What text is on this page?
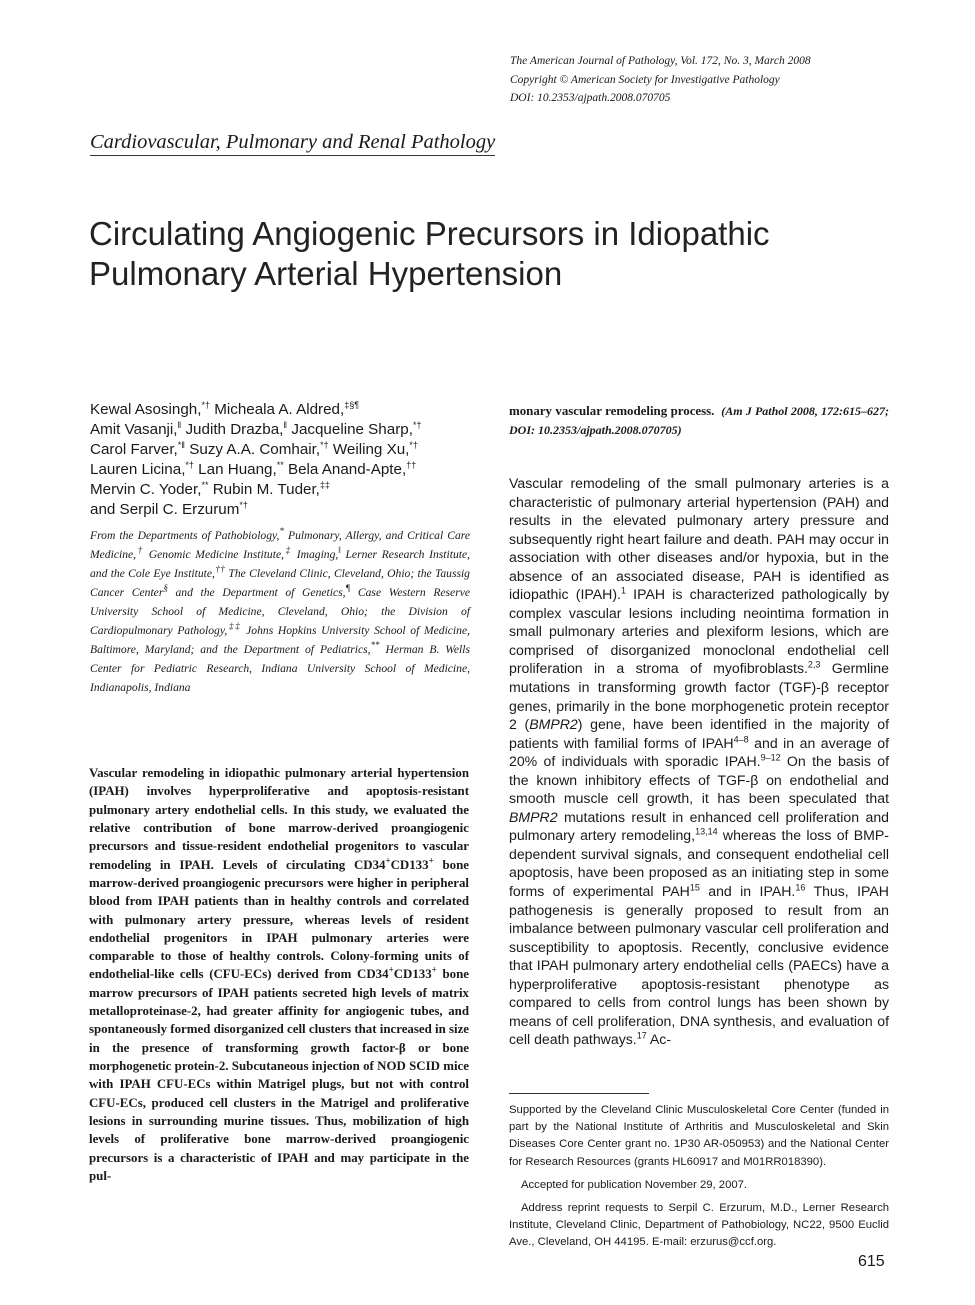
The American Journal of Pathology, Vol. 172, No. 3, March 2008
Copyright © American Society for Investigative Pathology
DOI: 10.2353/ajpath.2008.070705
Cardiovascular, Pulmonary and Renal Pathology
Circulating Angiogenic Precursors in Idiopathic Pulmonary Arterial Hypertension
Kewal Asosingh,*† Micheala A. Aldred,‡§¶
Amit Vasanji,‖ Judith Drazba,‖ Jacqueline Sharp,*†
Carol Farver,*‖ Suzy A.A. Comhair,*† Weiling Xu,*†
Lauren Licina,*† Lan Huang,** Bela Anand-Apte,††
Mervin C. Yoder,** Rubin M. Tuder,‡‡
and Serpil C. Erzurum*†
From the Departments of Pathobiology,* Pulmonary, Allergy, and Critical Care Medicine,† Genomic Medicine Institute,‡ Imaging,‖ Lerner Research Institute, and the Cole Eye Institute,†† The Cleveland Clinic, Cleveland, Ohio; the Taussig Cancer Center§ and the Department of Genetics,¶ Case Western Reserve University School of Medicine, Cleveland, Ohio; the Division of Cardiopulmonary Pathology,‡‡ Johns Hopkins University School of Medicine, Baltimore, Maryland; and the Department of Pediatrics,** Herman B. Wells Center for Pediatric Research, Indiana University School of Medicine, Indianapolis, Indiana
Vascular remodeling in idiopathic pulmonary arterial hypertension (IPAH) involves hyperproliferative and apoptosis-resistant pulmonary artery endothelial cells. In this study, we evaluated the relative contribution of bone marrow-derived proangiogenic precursors and tissue-resident endothelial progenitors to vascular remodeling in IPAH. Levels of circulating CD34+CD133+ bone marrow-derived proangiogenic precursors were higher in peripheral blood from IPAH patients than in healthy controls and correlated with pulmonary artery pressure, whereas levels of resident endothelial progenitors in IPAH pulmonary arteries were comparable to those of healthy controls. Colony-forming units of endothelial-like cells (CFU-ECs) derived from CD34+CD133+ bone marrow precursors of IPAH patients secreted high levels of matrix metalloproteinase-2, had greater affinity for angiogenic tubes, and spontaneously formed disorganized cell clusters that increased in size in the presence of transforming growth factor-β or bone morphogenetic protein-2. Subcutaneous injection of NOD SCID mice with IPAH CFU-ECs within Matrigel plugs, but not with control CFU-ECs, produced cell clusters in the Matrigel and proliferative lesions in surrounding murine tissues. Thus, mobilization of high levels of proliferative bone marrow-derived proangiogenic precursors is a characteristic of IPAH and may participate in the pul-
monary vascular remodeling process. (Am J Pathol 2008, 172:615–627; DOI: 10.2353/ajpath.2008.070705)
Vascular remodeling of the small pulmonary arteries is a characteristic of pulmonary arterial hypertension (PAH) and results in the elevated pulmonary artery pressure and subsequently right heart failure and death. PAH may occur in association with other diseases and/or hypoxia, but in the absence of an associated disease, PAH is identified as idiopathic (IPAH).$^1$ IPAH is characterized pathologically by complex vascular lesions including neointima formation in small pulmonary arteries and plexiform lesions, which are comprised of disorganized monoclonal endothelial cell proliferation in a stroma of myofibroblasts.$^{2,3}$ Germline mutations in transforming growth factor (TGF)-β receptor genes, primarily in the bone morphogenetic protein receptor 2 (BMPR2) gene, have been identified in the majority of patients with familial forms of IPAH$^{4-8}$ and in an average of 20% of individuals with sporadic IPAH.$^{9-12}$ On the basis of the known inhibitory effects of TGF-β on endothelial and smooth muscle cell growth, it has been speculated that BMPR2 mutations result in enhanced cell proliferation and pulmonary artery remodeling,$^{13,14}$ whereas the loss of BMP-dependent survival signals, and consequent endothelial cell apoptosis, have been proposed as an initiating step in some forms of experimental PAH$^{15}$ and in IPAH.$^{16}$ Thus, IPAH pathogenesis is generally proposed to result from an imbalance between pulmonary vascular cell proliferation and susceptibility to apoptosis. Recently, conclusive evidence that IPAH pulmonary artery endothelial cells (PAECs) have a hyperproliferative apoptosis-resistant phenotype as compared to cells from control lungs has been shown by means of cell proliferation, DNA synthesis, and evaluation of cell death pathways.$^{17}$ Ac-

Supported by the Cleveland Clinic Musculoskeletal Core Center (funded in part by the National Institute of Arthritis and Musculoskeletal and Skin Diseases Core Center grant no. 1P30 AR-050953) and the National Center for Research Resources (grants HL60917 and M01RR018390).

Accepted for publication November 29, 2007.

Address reprint requests to Serpil C. Erzurum, M.D., Lerner Research Institute, Cleveland Clinic, Department of Pathobiology, NC22, 9500 Euclid Ave., Cleveland, OH 44195. E-mail: erzurus@ccf.org.

615
